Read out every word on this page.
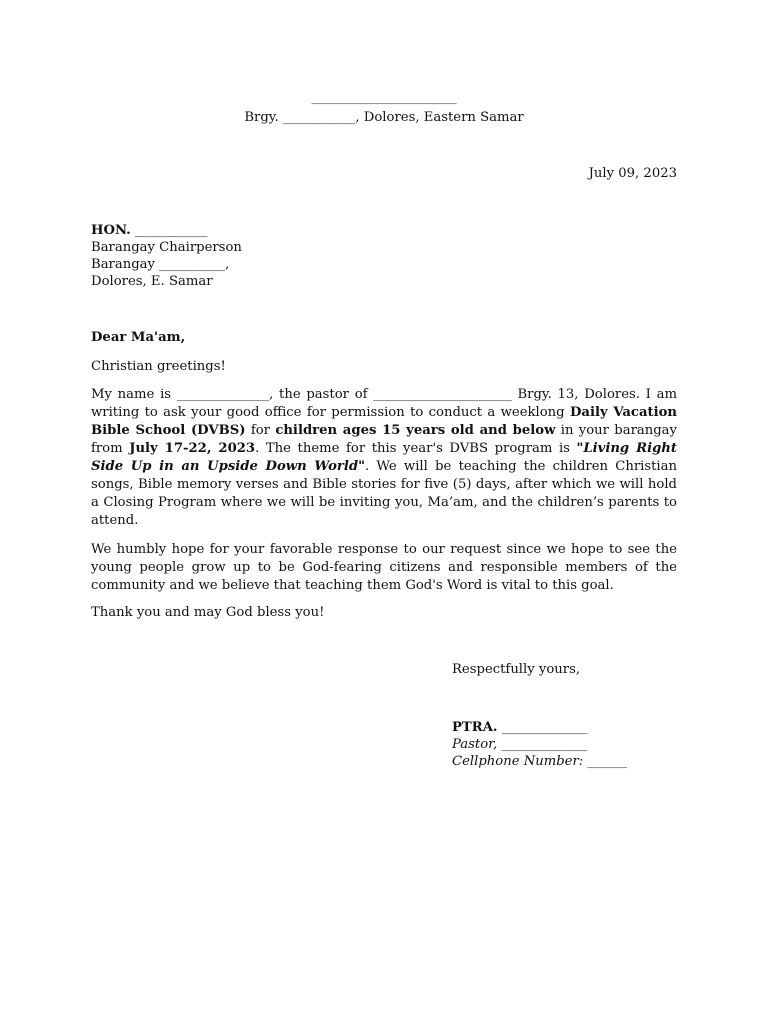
______________________
Brgy. ___________, Dolores, Eastern Samar
July 09, 2023
HON. ___________
Barangay Chairperson
Barangay __________,
Dolores, E. Samar
Dear Ma'am,
Christian greetings!
My name is ______________, the pastor of _____________________ Brgy. 13, Dolores. I am writing to ask your good office for permission to conduct a weeklong Daily Vacation Bible School (DVBS) for children ages 15 years old and below in your barangay from July 17-22, 2023. The theme for this year's DVBS program is "Living Right Side Up in an Upside Down World". We will be teaching the children Christian songs, Bible memory verses and Bible stories for five (5) days, after which we will hold a Closing Program where we will be inviting you, Ma’am, and the children’s parents to attend.
We humbly hope for your favorable response to our request since we hope to see the young people grow up to be God-fearing citizens and responsible members of the community and we believe that teaching them God's Word is vital to this goal.
Thank you and may God bless you!
Respectfully yours,
PTRA. _____________
Pastor, _____________
Cellphone Number: ______
